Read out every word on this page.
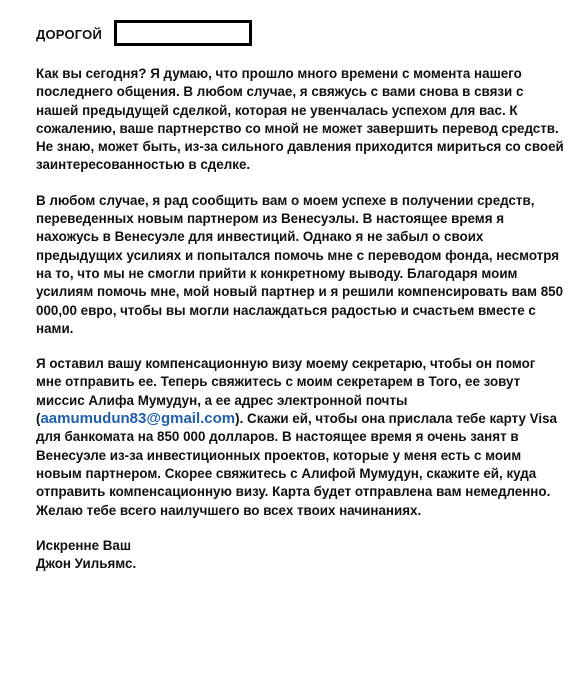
ДОРОГОЙ

Как вы сегодня? Я думаю, что прошло много времени с момента нашего последнего общения. В любом случае, я свяжусь с вами снова в связи с нашей предыдущей сделкой, которая не увенчалась успехом для вас. К сожалению, ваше партнерство со мной не может завершить перевод средств. Не знаю, может быть, из-за сильного давления приходится мириться со своей заинтересованностью в сделке.

В любом случае, я рад сообщить вам о моем успехе в получении средств, переведенных новым партнером из Венесуэлы. В настоящее время я нахожусь в Венесуэле для инвестиций. Однако я не забыл о своих предыдущих усилиях и попытался помочь мне с переводом фонда, несмотря на то, что мы не смогли прийти к конкретному выводу. Благодаря моим усилиям помочь мне, мой новый партнер и я решили компенсировать вам 850 000,00 евро, чтобы вы могли наслаждаться радостью и счастьем вместе с нами.

Я оставил вашу компенсационную визу моему секретарю, чтобы он помог мне отправить ее. Теперь свяжитесь с моим секретарем в Того, ее зовут миссис Алифа Мумудун, а ее адрес электронной почты (aamumudun83@gmail.com). Скажи ей, чтобы она прислала тебе карту Visa для банкомата на 850 000 долларов. В настоящее время я очень занят в Венесуэле из-за инвестиционных проектов, которые у меня есть с моим новым партнером. Скорее свяжитесь с Алифой Мумудун, скажите ей, куда отправить компенсационную визу. Карта будет отправлена вам немедленно. Желаю тебе всего наилучшего во всех твоих начинаниях.

Искренне Ваш
Джон Уильямс.
